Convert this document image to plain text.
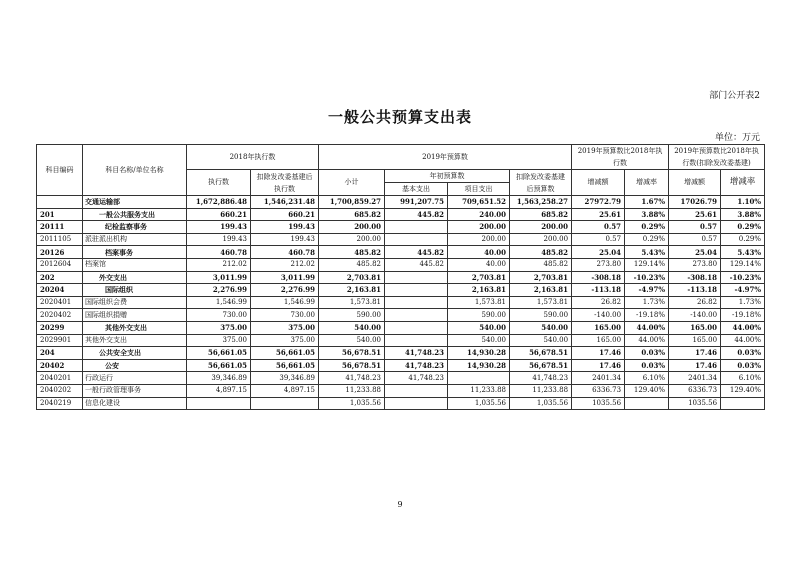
部门公开表2
一般公共预算支出表
单位：万元
科目编码	科目名称/单位名称	2018年执行数		2019年预算数				2019年预算数比2018年执行数		2019年预算数比2018年执行数(扣除发改委基建)	
		执行数	扣除发改委基建后执行数	小计	年初预算数		扣除发改委基建后预算数	增减额	增减率	增减额	增减率
					基本支出	项目支出					
	交通运输部	1,672,886.48	1,546,231.48	1,700,859.27	991,207.75	709,651.52	1,563,258.27	27972.79	1.67%	17026.79	1.10%
201	一般公共服务支出	660.21	660.21	685.82	445.82	240.00	685.82	25.61	3.88%	25.61	3.88%
20111	纪检监察事务	199.43	199.43	200.00		200.00	200.00	0.57	0.29%	0.57	0.29%
2011105	派驻派出机构	199.43	199.43	200.00		200.00	200.00	0.57	0.29%	0.57	0.29%
20126	档案事务	460.78	460.78	485.82	445.82	40.00	485.82	25.04	5.43%	25.04	5.43%
2012604	档案馆	212.02	212.02	485.82	445.82	40.00	485.82	273.80	129.14%	273.80	129.14%
202	外交支出	3,011.99	3,011.99	2,703.81		2,703.81	2,703.81	-308.18	-10.23%	-308.18	-10.23%
20204	国际组织	2,276.99	2,276.99	2,163.81		2,163.81	2,163.81	-113.18	-4.97%	-113.18	-4.97%
2020401	国际组织会费	1,546.99	1,546.99	1,573.81		1,573.81	1,573.81	26.82	1.73%	26.82	1.73%
2020402	国际组织捐赠	730.00	730.00	590.00		590.00	590.00	-140.00	-19.18%	-140.00	-19.18%
20299	其他外交支出	375.00	375.00	540.00		540.00	540.00	165.00	44.00%	165.00	44.00%
2029901	其他外交支出	375.00	375.00	540.00		540.00	540.00	165.00	44.00%	165.00	44.00%
204	公共安全支出	56,661.05	56,661.05	56,678.51	41,748.23	14,930.28	56,678.51	17.46	0.03%	17.46	0.03%
20402	公安	56,661.05	56,661.05	56,678.51	41,748.23	14,930.28	56,678.51	17.46	0.03%	17.46	0.03%
2040201	行政运行	39,346.89	39,346.89	41,748.23	41,748.23		41,748.23	2401.34	6.10%	2401.34	6.10%
2040202	一般行政管理事务	4,897.15	4,897.15	11,233.88		11,233.88	11,233.88	6336.73	129.40%	6336.73	129.40%
2040219	信息化建设			1,035.56		1,035.56	1,035.56	1035.56		1035.56	
9
